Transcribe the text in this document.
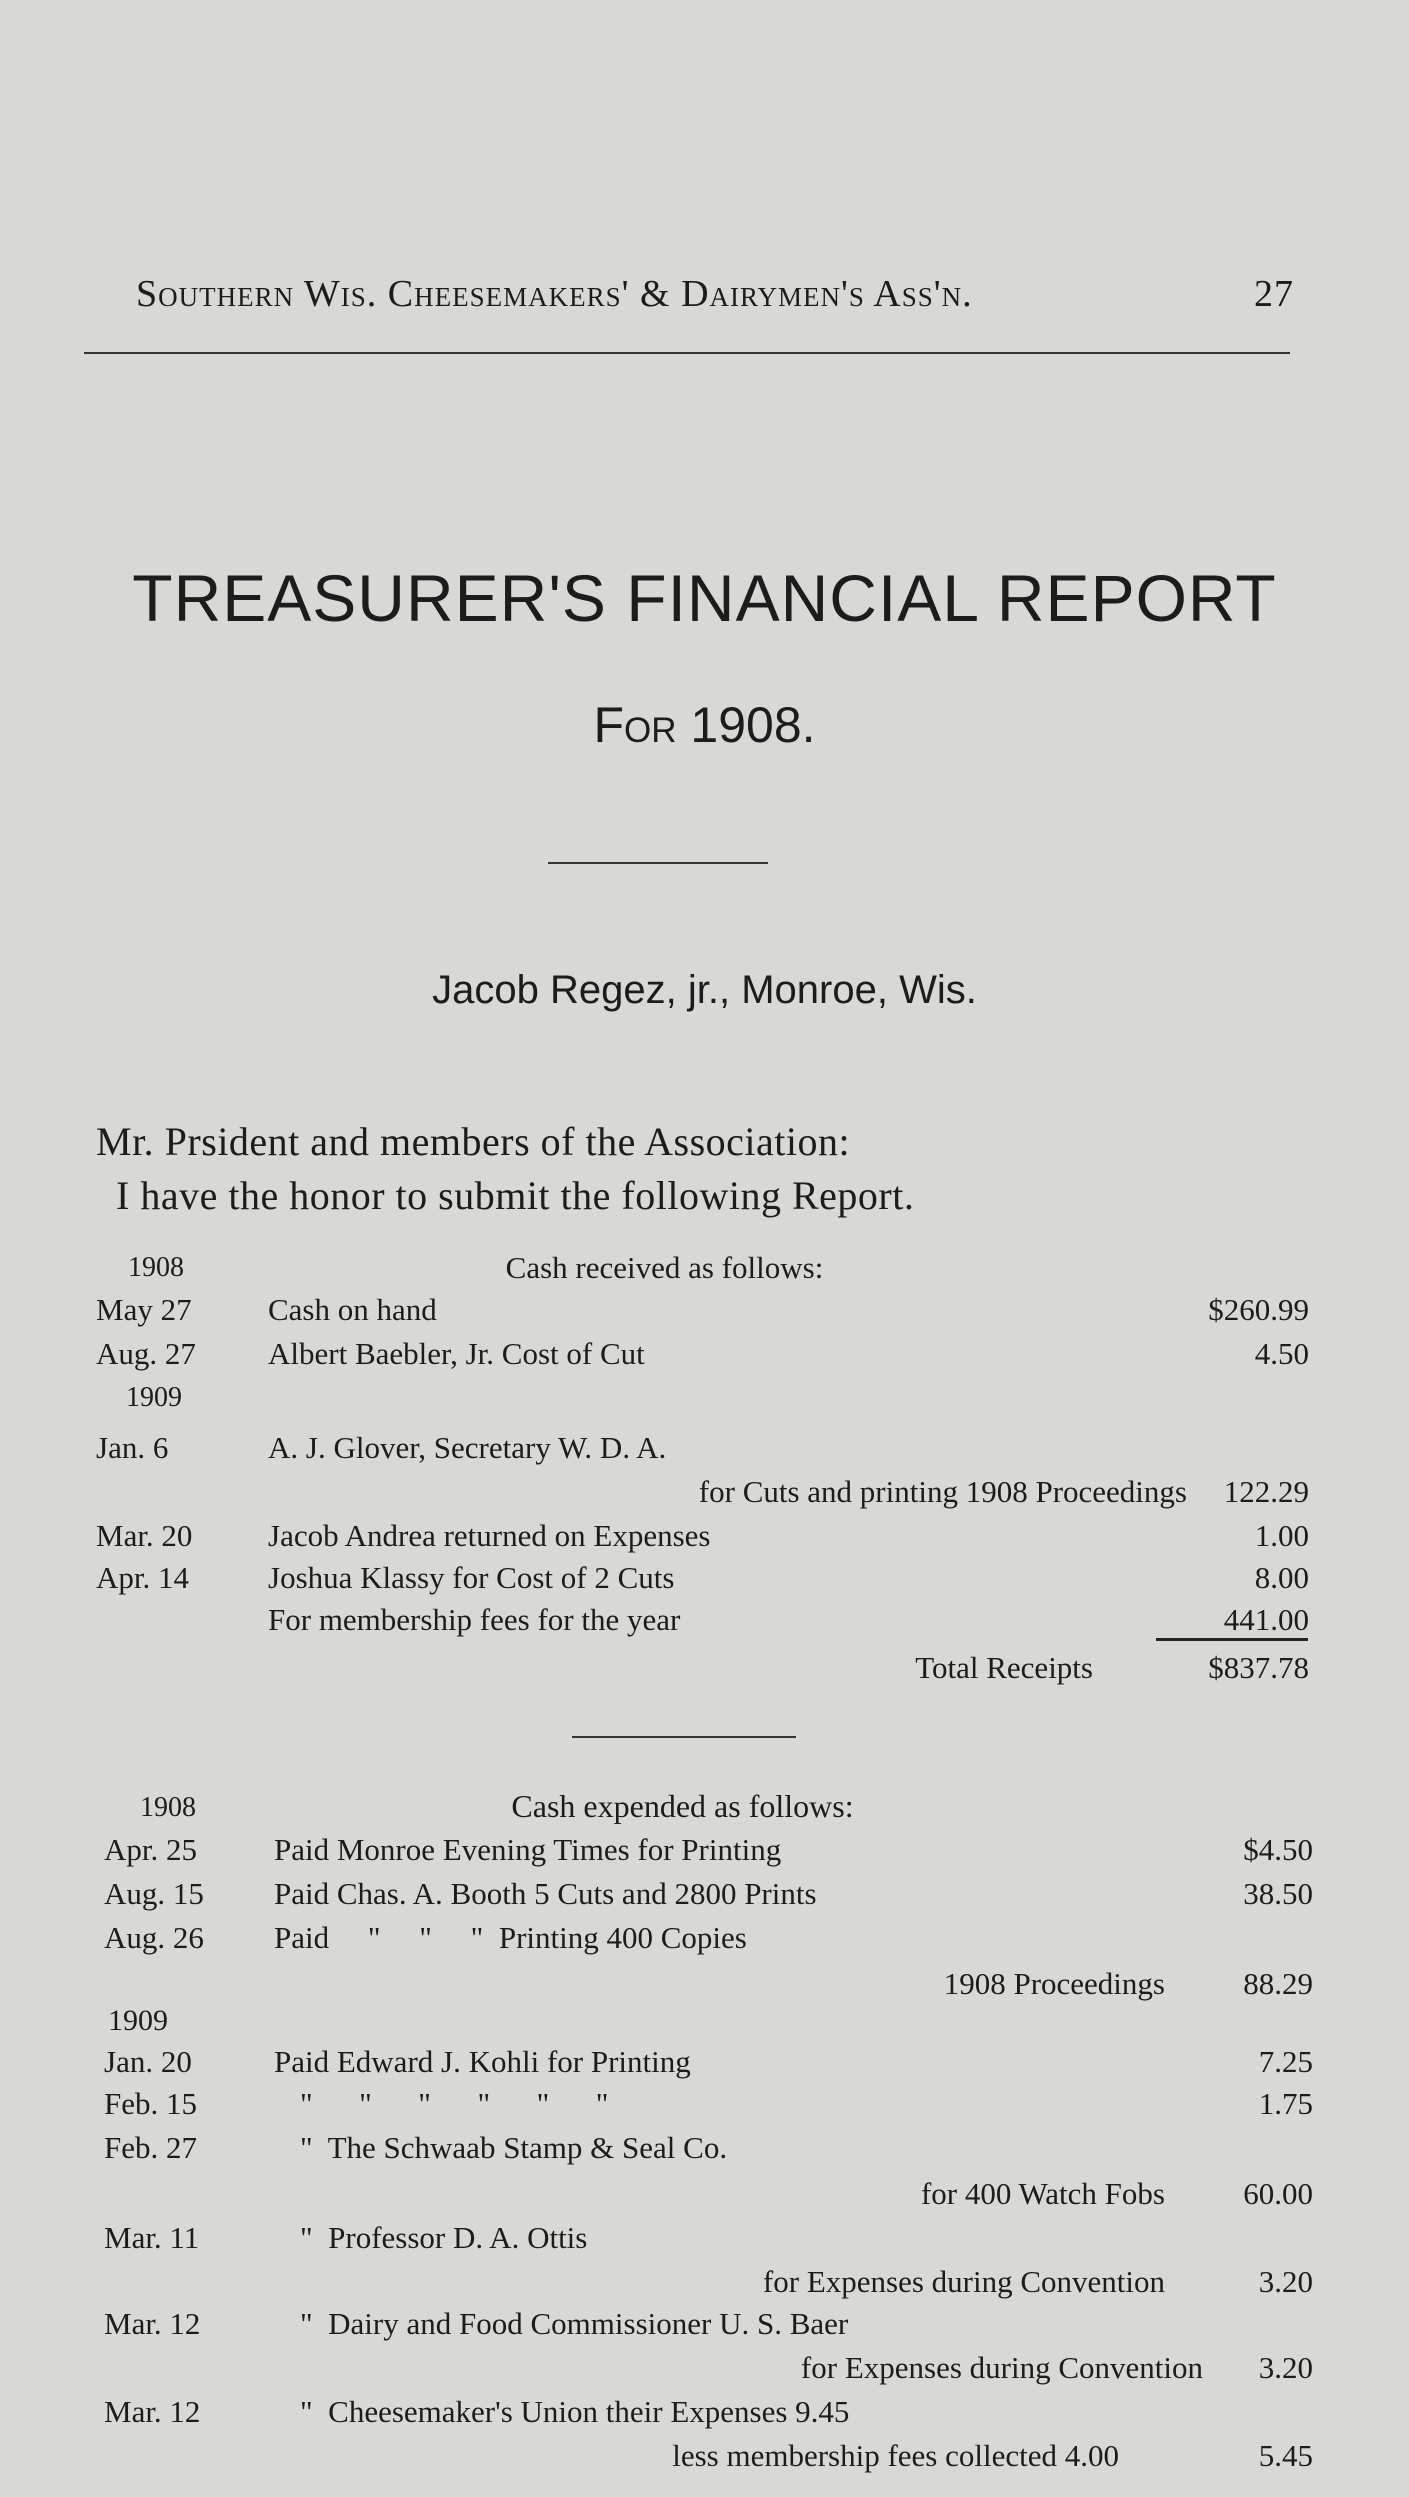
Southern Wis. Cheesemakers' & Dairymen's Ass'n.	27
TREASURER'S FINANCIAL REPORT
For 1908.
Jacob Regez, jr., Monroe, Wis.
Mr. Prsident and members of the Association:
I have the honor to submit the following Report.
1908	Cash received as follows:
May 27 Cash on hand	$260.99
Aug. 27 Albert Baebler, Jr. Cost of Cut	4.50
1909
Jan. 6	A. J. Glover, Secretary W. D. A.
for Cuts and printing 1908 Proceedings 122.29
Mar. 20 Jacob Andrea returned on Expenses	1.00
Apr. 14	Joshua Klassy for Cost of 2 Cuts	8.00
For membership fees for the year	441.00
Total Receipts	$837.78
1908	Cash expended as follows:
Apr. 25 Paid Monroe Evening Times for Printing	$4.50
Aug. 15 Paid Chas. A. Booth 5 Cuts and 2800 Prints	38.50
Aug. 26 Paid     "     "     "  Printing 400 Copies
1908 Proceedings	88.29
1909
Jan. 20	Paid Edward J. Kohli for Printing	7.25
Feb. 15	"      "      "      "      "      "	1.75
Feb. 27	"  The Schwaab Stamp & Seal Co.
for 400 Watch Fobs	60.00
Mar. 11	"  Professor D. A. Ottis
for Expenses during Convention	3.20
Mar. 12	"  Dairy and Food Commissioner U. S. Baer
for Expenses during Convention 3.20
Mar. 12	"  Cheesemaker's Union their Expenses 9.45
less membership fees collected 4.00	5.45
